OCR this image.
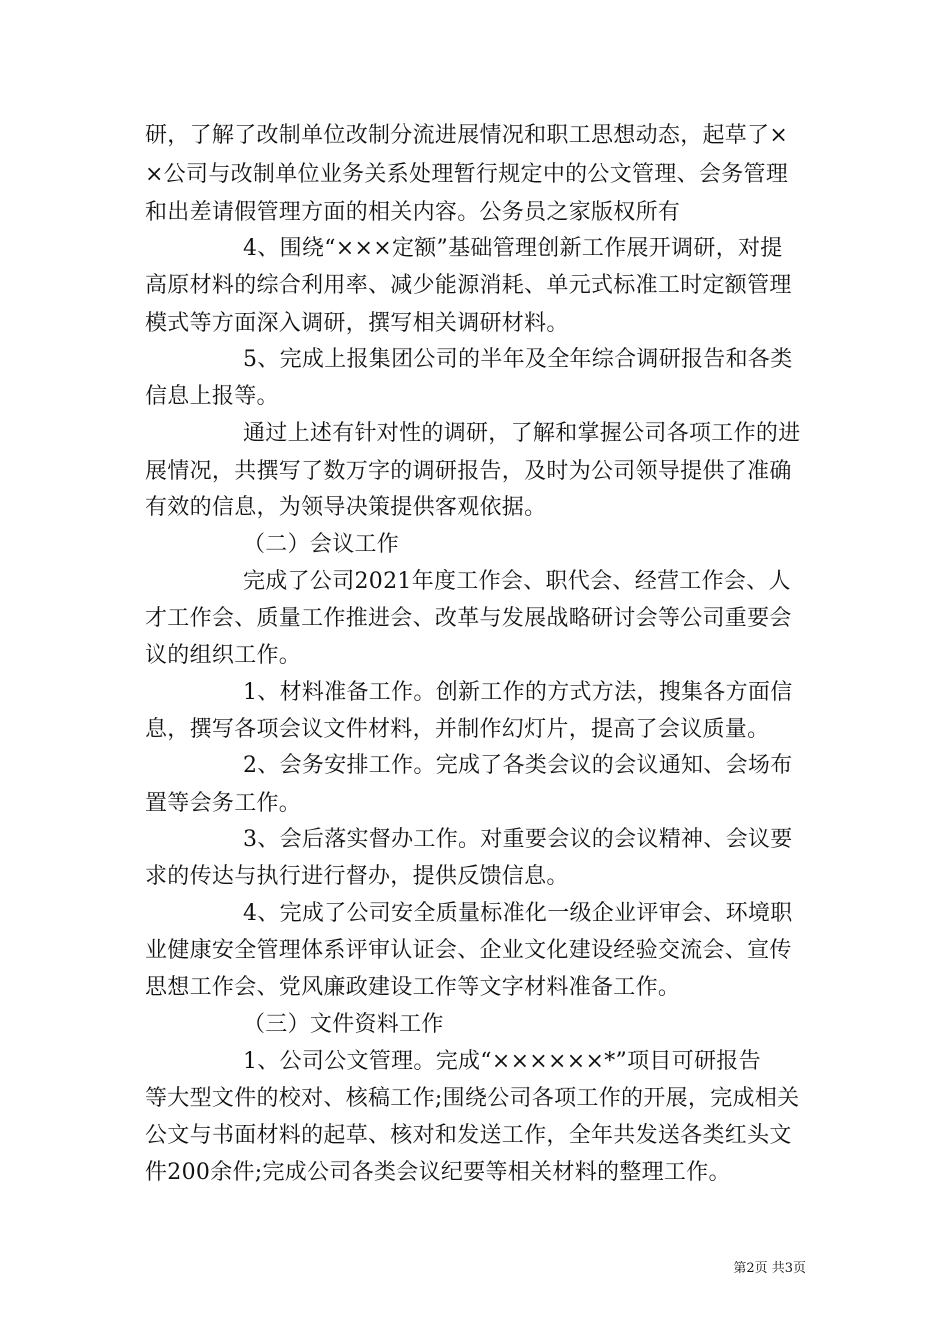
研，了解了改制单位改制分流进展情况和职工思想动态，起草了×
×公司与改制单位业务关系处理暂行规定中的公文管理、会务管理
和出差请假管理方面的相关内容。公务员之家版权所有
4、围绕“×××定额”基础管理创新工作展开调研，对提
高原材料的综合利用率、减少能源消耗、单元式标准工时定额管理
模式等方面深入调研，撰写相关调研材料。
5、完成上报集团公司的半年及全年综合调研报告和各类
信息上报等。
通过上述有针对性的调研，了解和掌握公司各项工作的进
展情况，共撰写了数万字的调研报告，及时为公司领导提供了准确
有效的信息，为领导决策提供客观依据。
（二）会议工作
完成了公司2021年度工作会、职代会、经营工作会、人
才工作会、质量工作推进会、改革与发展战略研讨会等公司重要会
议的组织工作。
1、材料准备工作。创新工作的方式方法，搜集各方面信
息，撰写各项会议文件材料，并制作幻灯片，提高了会议质量。
2、会务安排工作。完成了各类会议的会议通知、会场布
置等会务工作。
3、会后落实督办工作。对重要会议的会议精神、会议要
求的传达与执行进行督办，提供反馈信息。
4、完成了公司安全质量标准化一级企业评审会、环境职
业健康安全管理体系评审认证会、企业文化建设经验交流会、宣传
思想工作会、党风廉政建设工作等文字材料准备工作。
（三）文件资料工作
1、公司公文管理。完成“××××××*”项目可研报告
等大型文件的校对、核稿工作;围绕公司各项工作的开展，完成相关
公文与书面材料的起草、核对和发送工作，全年共发送各类红头文
件200余件;完成公司各类会议纪要等相关材料的整理工作。
第2页 共3页
